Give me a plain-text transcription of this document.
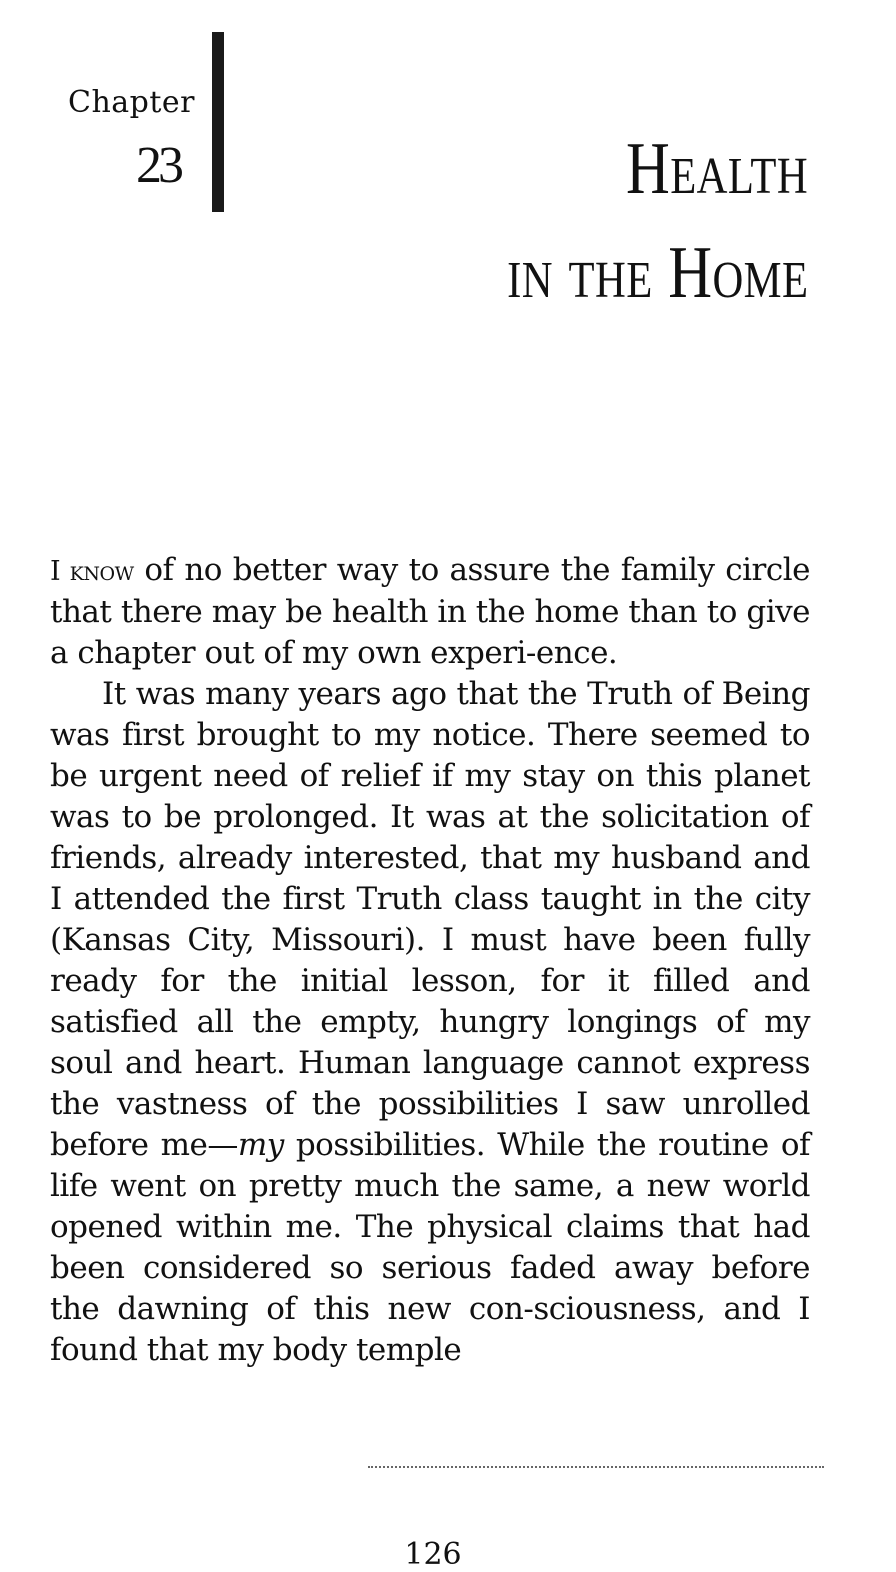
Chapter
23	Health
in the Home

I know of no better way to assure the family circle that there may be health in the home than to give a chapter out of my own experi-ence.

It was many years ago that the Truth of Being was first brought to my notice. There seemed to be urgent need of relief if my stay on this planet was to be prolonged. It was at the solicitation of friends, already interested, that my husband and I attended the first Truth class taught in the city (Kansas City, Missouri). I must have been fully ready for the initial lesson, for it filled and satisfied all the empty, hungry longings of my soul and heart. Human language cannot express the vastness of the possibilities I saw unrolled before me—my possibilities. While the routine of life went on pretty much the same, a new world opened within me. The physical claims that had been considered so serious faded away before the dawning of this new con-sciousness, and I found that my body temple

126
